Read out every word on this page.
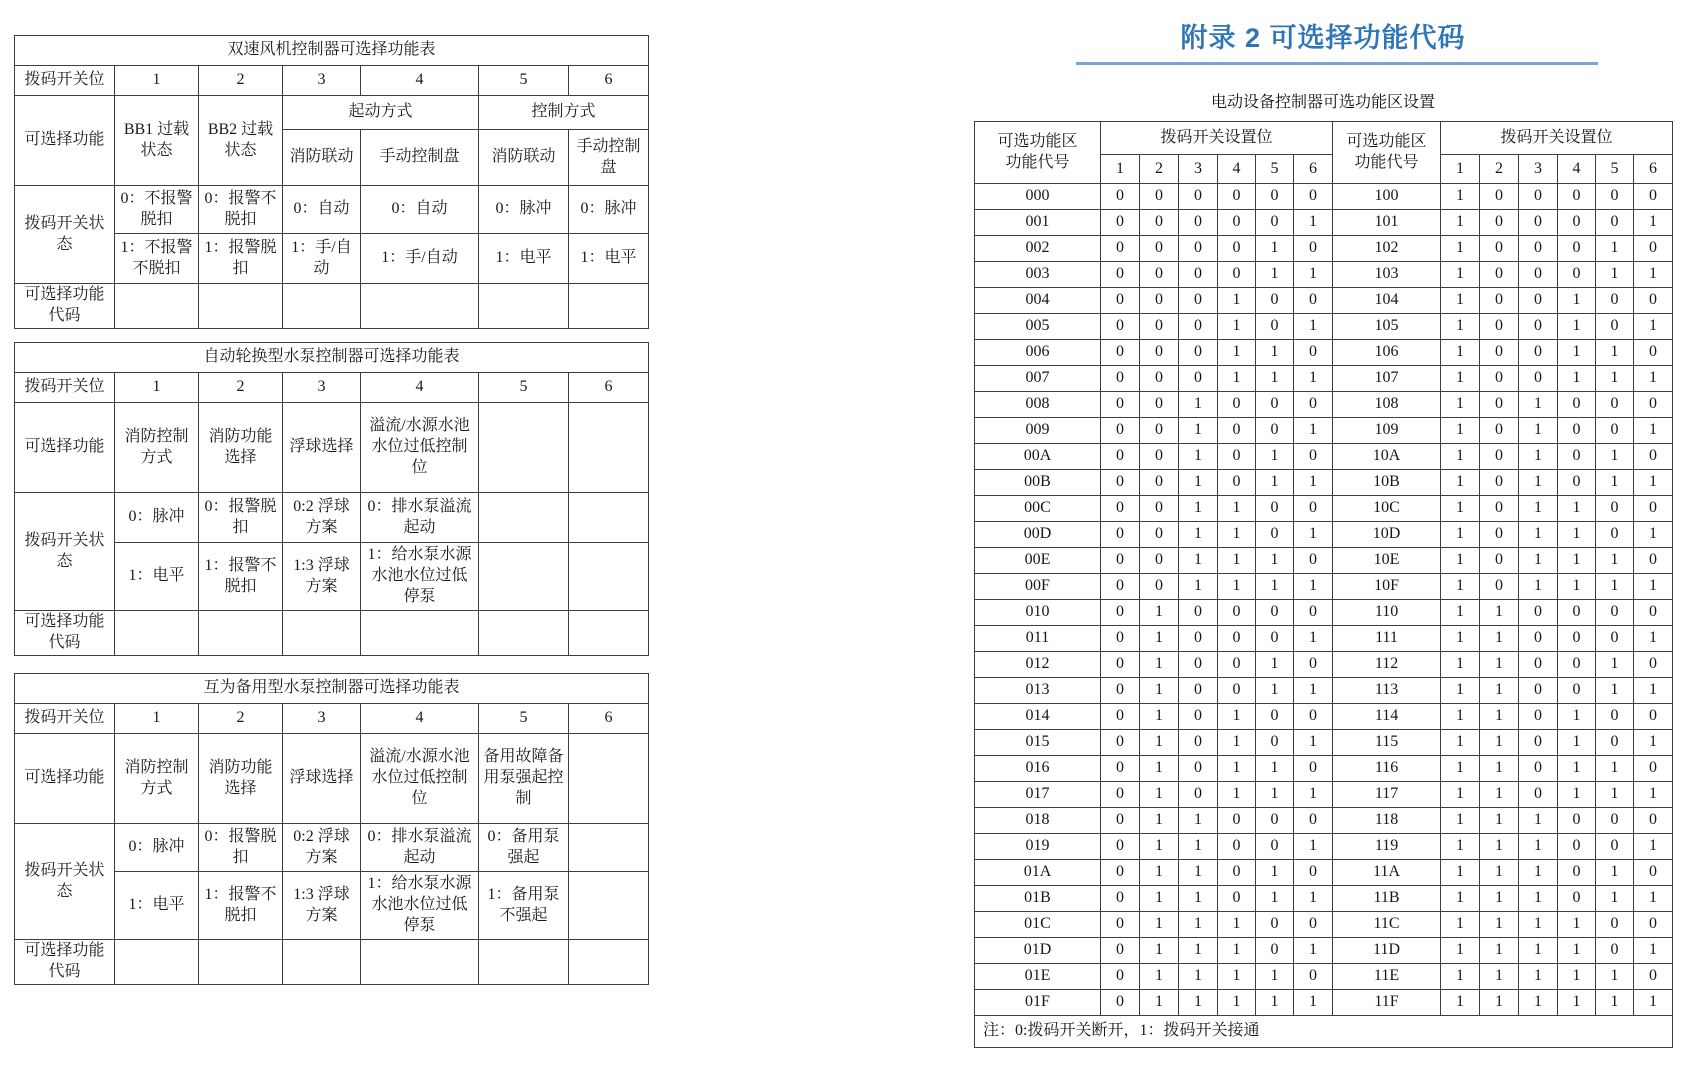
双速风机控制器可选择功能表						
拨码开关位	1	2	3	4	5	6
可选择功能	BB1 过载状态	BB2 过载状态	起动方式		控制方式	
			消防联动	手动控制盘	消防联动	手动控制盘
拨码开关状态	0：不报警脱扣	0：报警不脱扣	0：自动	0：自动	0：脉冲	0：脉冲
	1：不报警不脱扣	1：报警脱扣	1：手/自动	1：手/自动	1：电平	1：电平
可选择功能代码						
自动轮换型水泵控制器可选择功能表						
拨码开关位	1	2	3	4	5	6
可选择功能	消防控制方式	消防功能选择	浮球选择	溢流/水源水池水位过低控制位		
拨码开关状态	0：脉冲	0：报警脱扣	0:2 浮球方案	0：排水泵溢流起动		
	1：电平	1：报警不脱扣	1:3 浮球方案	1：给水泵水源水池水位过低停泵		
可选择功能代码						
互为备用型水泵控制器可选择功能表						
拨码开关位	1	2	3	4	5	6
可选择功能	消防控制方式	消防功能选择	浮球选择	溢流/水源水池水位过低控制位	备用故障备用泵强起控制	
拨码开关状态	0：脉冲	0：报警脱扣	0:2 浮球方案	0：排水泵溢流起动	0：备用泵强起	
	1：电平	1：报警不脱扣	1:3 浮球方案	1：给水泵水源水池水位过低停泵	1：备用泵不强起	
可选择功能代码						
附录 2 可选择功能代码
电动设备控制器可选功能区设置
可选功能区
功能代号	拨码开关设置位						可选功能区
功能代号	拨码开关设置位					
	1	2	3	4	5	6		1	2	3	4	5	6
000	0	0	0	0	0	0	100	1	0	0	0	0	0
001	0	0	0	0	0	1	101	1	0	0	0	0	1
002	0	0	0	0	1	0	102	1	0	0	0	1	0
003	0	0	0	0	1	1	103	1	0	0	0	1	1
004	0	0	0	1	0	0	104	1	0	0	1	0	0
005	0	0	0	1	0	1	105	1	0	0	1	0	1
006	0	0	0	1	1	0	106	1	0	0	1	1	0
007	0	0	0	1	1	1	107	1	0	0	1	1	1
008	0	0	1	0	0	0	108	1	0	1	0	0	0
009	0	0	1	0	0	1	109	1	0	1	0	0	1
00A	0	0	1	0	1	0	10A	1	0	1	0	1	0
00B	0	0	1	0	1	1	10B	1	0	1	0	1	1
00C	0	0	1	1	0	0	10C	1	0	1	1	0	0
00D	0	0	1	1	0	1	10D	1	0	1	1	0	1
00E	0	0	1	1	1	0	10E	1	0	1	1	1	0
00F	0	0	1	1	1	1	10F	1	0	1	1	1	1
010	0	1	0	0	0	0	110	1	1	0	0	0	0
011	0	1	0	0	0	1	111	1	1	0	0	0	1
012	0	1	0	0	1	0	112	1	1	0	0	1	0
013	0	1	0	0	1	1	113	1	1	0	0	1	1
014	0	1	0	1	0	0	114	1	1	0	1	0	0
015	0	1	0	1	0	1	115	1	1	0	1	0	1
016	0	1	0	1	1	0	116	1	1	0	1	1	0
017	0	1	0	1	1	1	117	1	1	0	1	1	1
018	0	1	1	0	0	0	118	1	1	1	0	0	0
019	0	1	1	0	0	1	119	1	1	1	0	0	1
01A	0	1	1	0	1	0	11A	1	1	1	0	1	0
01B	0	1	1	0	1	1	11B	1	1	1	0	1	1
01C	0	1	1	1	0	0	11C	1	1	1	1	0	0
01D	0	1	1	1	0	1	11D	1	1	1	1	0	1
01E	0	1	1	1	1	0	11E	1	1	1	1	1	0
01F	0	1	1	1	1	1	11F	1	1	1	1	1	1
注：0:拨码开关断开，1：拨码开关接通													
